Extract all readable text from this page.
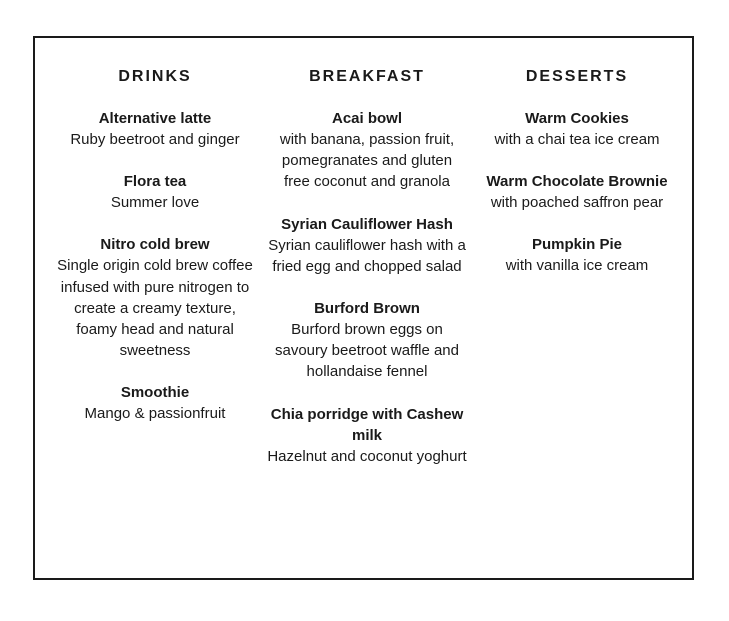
DRINKS
Alternative latte
Ruby beetroot and ginger
Flora tea
Summer love
Nitro cold brew
Single origin cold brew coffee infused with pure nitrogen to create a creamy texture, foamy head and natural sweetness
Smoothie
Mango & passionfruit
BREAKFAST
Acai bowl
with banana, passion fruit, pomegranates and gluten free coconut and granola
Syrian Cauliflower Hash
Syrian cauliflower hash with a fried egg and chopped salad
Burford Brown
Burford brown eggs on savoury beetroot waffle and hollandaise fennel
Chia porridge with Cashew milk
Hazelnut and coconut yoghurt
DESSERTS
Warm Cookies
with a chai tea ice cream
Warm Chocolate Brownie
with poached saffron pear
Pumpkin Pie
with vanilla ice cream
